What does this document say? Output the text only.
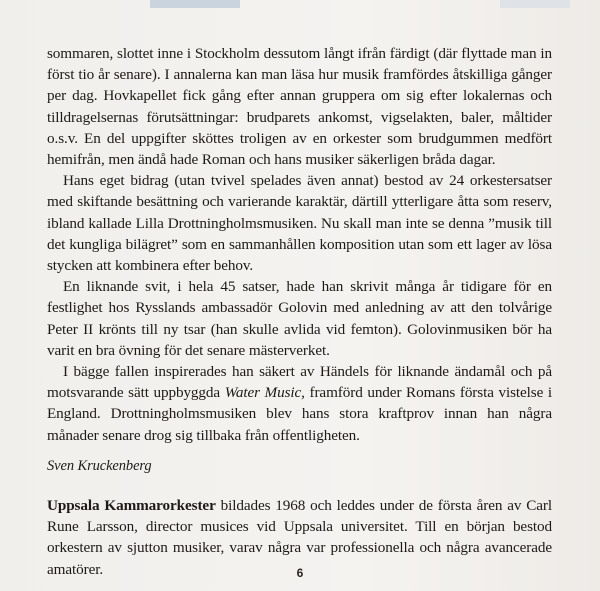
sommaren, slottet inne i Stockholm dessutom långt ifrån färdigt (där flyttade man in först tio år senare). I annalerna kan man läsa hur musik framfördes åtskilliga gånger per dag. Hovkapellet fick gång efter annan gruppera om sig efter lokalernas och tilldragelsernas förutsättningar: brudparets ankomst, vigselakten, baler, måltider o.s.v. En del uppgifter sköttes troligen av en orkester som brudgummen medfört hemifrån, men ändå hade Roman och hans musiker säkerligen bråda dagar.

Hans eget bidrag (utan tvivel spelades även annat) bestod av 24 orkestersatser med skiftande besättning och varierande karaktär, därtill ytterligare åtta som reserv, ibland kallade Lilla Drottningholmsmusiken. Nu skall man inte se denna ”musik till det kungliga bilägret” som en sammanhållen komposition utan som ett lager av lösa stycken att kombinera efter behov.

En liknande svit, i hela 45 satser, hade han skrivit många år tidigare för en festlighet hos Rysslands ambassadör Golovin med anledning av att den tolvårige Peter II krönts till ny tsar (han skulle avlida vid femton). Golovinmusiken bör ha varit en bra övning för det senare mästerverket.

I bägge fallen inspirerades han säkert av Händels för liknande ändamål och på motsvarande sätt uppbyggda Water Music, framförd under Romans första vistelse i England. Drottningholmsmusiken blev hans stora kraftprov innan han några månader senare drog sig tillbaka från offentligheten.

Sven Kruckenberg

Uppsala Kammarorkester bildades 1968 och leddes under de första åren av Carl Rune Larsson, director musices vid Uppsala universitet. Till en början bestod orkestern av sjutton musiker, varav några var professionella och några avancerade amatörer.	6
